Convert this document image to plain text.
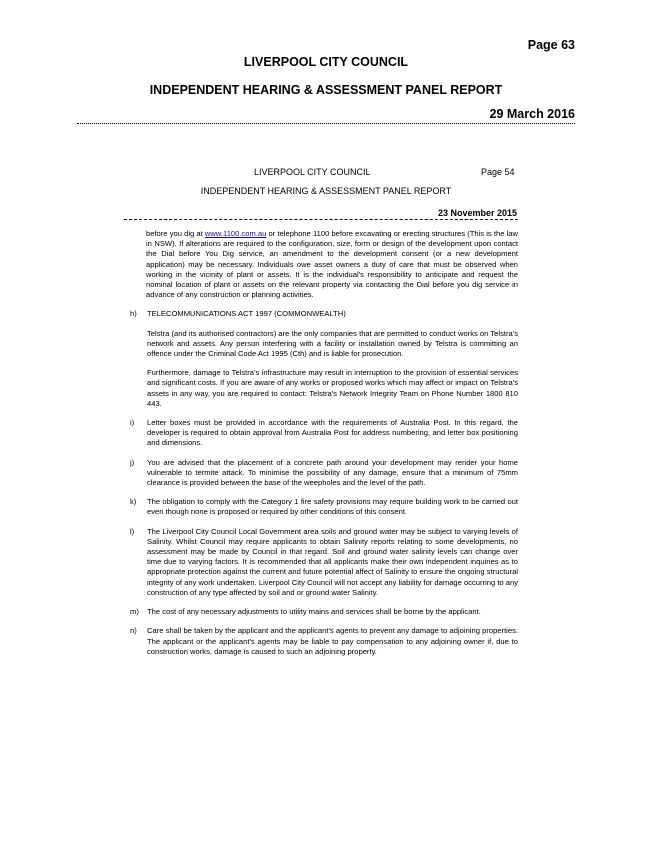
Page 63
LIVERPOOL CITY COUNCIL
INDEPENDENT HEARING & ASSESSMENT PANEL REPORT
29 March 2016
LIVERPOOL CITY COUNCIL	Page 54
INDEPENDENT HEARING & ASSESSMENT PANEL REPORT
23 November 2015

before you dig at www.1100.com.au or telephone 1100 before excavating or erecting structures (This is the law in NSW). If alterations are required to the configuration, size, form or design of the development upon contact the Dial before You Dig service, an amendment to the development consent (or a new development application) may be necessary. Individuals owe asset owners a duty of care that must be observed when working in the vicinity of plant or assets. It is the individual's responsibility to anticipate and request the nominal location of plant or assets on the relevant property via contacting the Dial before you dig service in advance of any construction or planning activities.

h)	TELECOMMUNICATIONS ACT 1997 (COMMONWEALTH)
Telstra (and its authorised contractors) are the only companies that are permitted to conduct works on Telstra's network and assets. Any person interfering with a facility or installation owned by Telstra is committing an offence under the Criminal Code Act 1995 (Cth) and is liable for prosecution.
Furthermore, damage to Telstra's infrastructure may result in interruption to the provision of essential services and significant costs. If you are aware of any works or proposed works which may affect or impact on Telstra's assets in any way, you are required to contact: Telstra's Network Integrity Team on Phone Number 1800 810 443.
i)	Letter boxes must be provided in accordance with the requirements of Australia Post. In this regard, the developer is required to obtain approval from Australia Post for address numbering, and letter box positioning and dimensions.
j)	You are advised that the placement of a concrete path around your development may render your home vulnerable to termite attack. To minimise the possibility of any damage, ensure that a minimum of 75mm clearance is provided between the base of the weepholes and the level of the path.
k)	The obligation to comply with the Category 1 fire safety provisions may require building work to be carried out even though none is proposed or required by other conditions of this consent.
l)	The Liverpool City Council Local Government area soils and ground water may be subject to varying levels of Salinity. Whilst Council may require applicants to obtain Salinity reports relating to some developments, no assessment may be made by Council in that regard. Soil and ground water salinity levels can change over time due to varying factors. It is recommended that all applicants make their own independent inquiries as to appropriate protection against the current and future potential affect of Salinity to ensure the ongoing structural integrity of any work undertaken. Liverpool City Council will not accept any liability for damage occurring to any construction of any type affected by soil and or ground water Salinity.
m)	The cost of any necessary adjustments to utility mains and services shall be borne by the applicant.
n)	Care shall be taken by the applicant and the applicant's agents to prevent any damage to adjoining properties. The applicant or the applicant's agents may be liable to pay compensation to any adjoining owner if, due to construction works, damage is caused to such an adjoining property.
